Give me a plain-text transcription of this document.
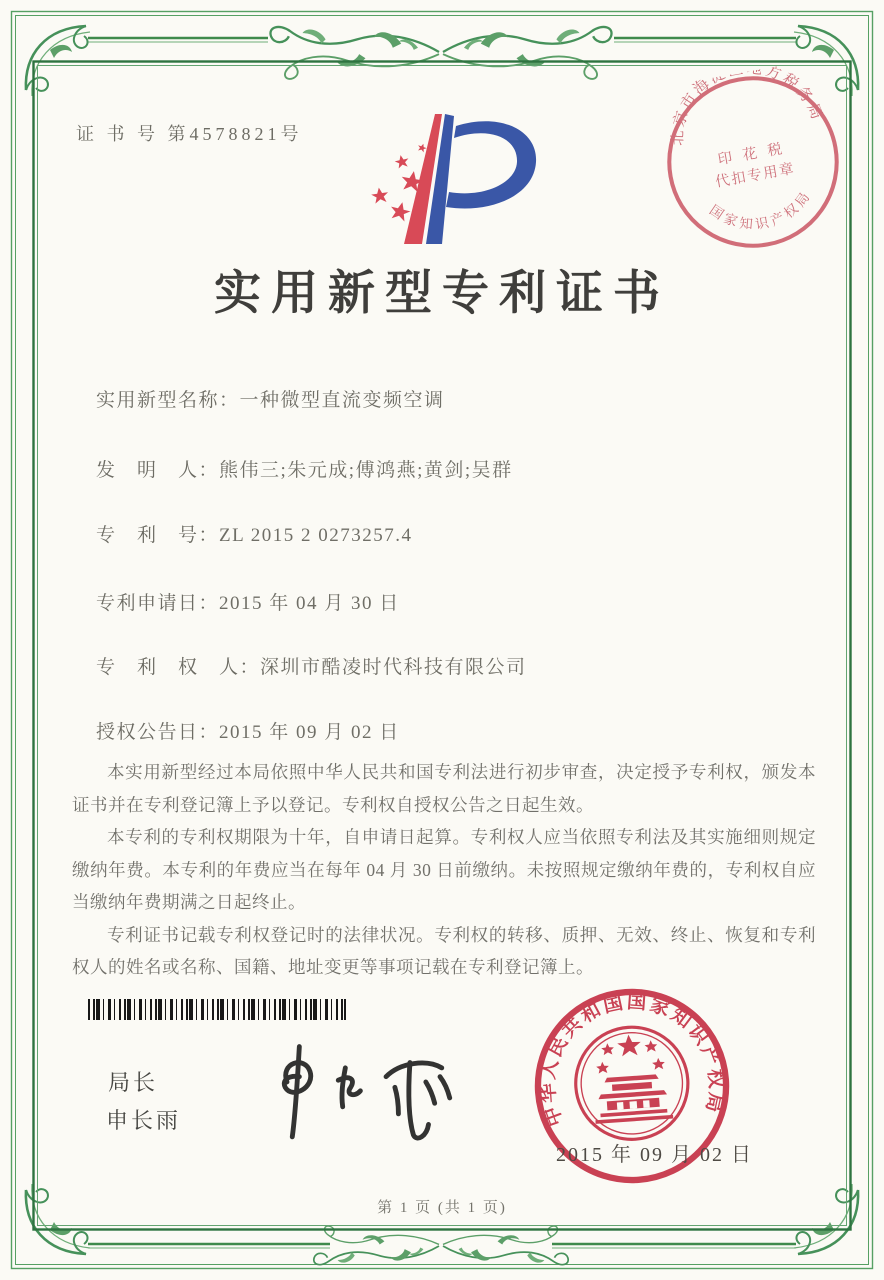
证 书 号 第4578821号	北京市海淀区地方税务局
国家知识产权局
印 花 税
代扣专用章
实用新型专利证书
实用新型名称：一种微型直流变频空调
发　明　人：熊伟三;朱元成;傅鸿燕;黄剑;吴群
专　利　号：ZL 2015 2 0273257.4
专利申请日：2015 年 04 月 30 日
专　利　权　人：深圳市酷凌时代科技有限公司
授权公告日：2015 年 09 月 02 日

本实用新型经过本局依照中华人民共和国专利法进行初步审查，决定授予专利权，颁发本证书并在专利登记簿上予以登记。专利权自授权公告之日起生效。

本专利的专利权期限为十年，自申请日起算。专利权人应当依照专利法及其实施细则规定缴纳年费。本专利的年费应当在每年 04 月 30 日前缴纳。未按照规定缴纳年费的，专利权自应当缴纳年费期满之日起终止。

专利证书记载专利权登记时的法律状况。专利权的转移、质押、无效、终止、恢复和专利权人的姓名或名称、国籍、地址变更等事项记载在专利登记簿上。

局长
申长雨	中华人民共和国国家知识产权局
2015 年 09 月 02 日
第 1 页 (共 1 页)
